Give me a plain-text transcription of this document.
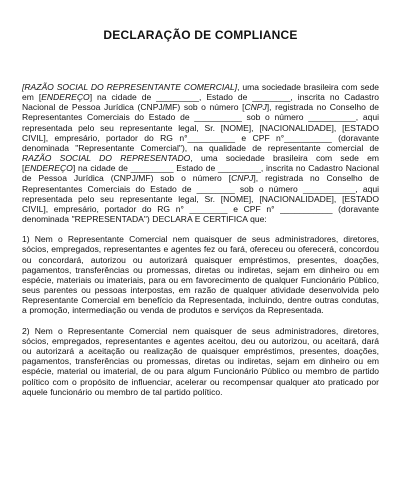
DECLARAÇÃO DE COMPLIANCE

[RAZÃO SOCIAL DO REPRESENTANTE COMERCIAL], uma sociedade brasileira com sede em [ENDEREÇO] na cidade de _________, Estado de ________, inscrita no Cadastro Nacional de Pessoa Jurídica (CNPJ/MF) sob o número [CNPJ], registrada no Conselho de Representantes Comerciais do Estado de __________ sob o número __________, aqui representada pelo seu representante legal, Sr. [NOME], [NACIONALIDADE], [ESTADO CIVIL], empresário, portador do RG n°__________ e CPF n°__________ (doravante denominada "Representante Comercial"), na qualidade de representante comercial de RAZÃO SOCIAL DO REPRESENTADO, uma sociedade brasileira com sede em [ENDEREÇO] na cidade de _________ Estado de _________, inscrita no Cadastro Nacional de Pessoa Jurídica (CNPJ/MF) sob o número [CNPJ], registrada no Conselho de Representantes Comerciais do Estado de ________ sob o número ___________, aqui representada pelo seu representante legal, Sr. [NOME], [NACIONALIDADE], [ESTADO CIVIL], empresário, portador do RG n° ________ e CPF n° ___________ (doravante denominada "REPRESENTADA") DECLARA E CERTIFICA que:

1) Nem o Representante Comercial nem quaisquer de seus administradores, diretores, sócios, empregados, representantes e agentes fez ou fará, ofereceu ou oferecerá, concordou ou concordará, autorizou ou autorizará quaisquer empréstimos, presentes, doações, pagamentos, transferências ou promessas, diretas ou indiretas, sejam em dinheiro ou em espécie, materiais ou imateriais, para ou em favorecimento de qualquer Funcionário Público, seus parentes ou pessoas interpostas, em razão de qualquer atividade desenvolvida pelo Representante Comercial em benefício da Representada, incluindo, dentre outras condutas, a promoção, intermediação ou venda de produtos e serviços da Representada.

2) Nem o Representante Comercial nem quaisquer de seus administradores, diretores, sócios, empregados, representantes e agentes aceitou, deu ou autorizou, ou aceitará, dará ou autorizará a aceitação ou realização de quaisquer empréstimos, presentes, doações, pagamentos, transferências ou promessas, diretas ou indiretas, sejam em dinheiro ou em espécie, material ou imaterial, de ou para algum Funcionário Público ou membro de partido político com o propósito de influenciar, acelerar ou recompensar qualquer ato praticado por aquele funcionário ou membro de tal partido político.
